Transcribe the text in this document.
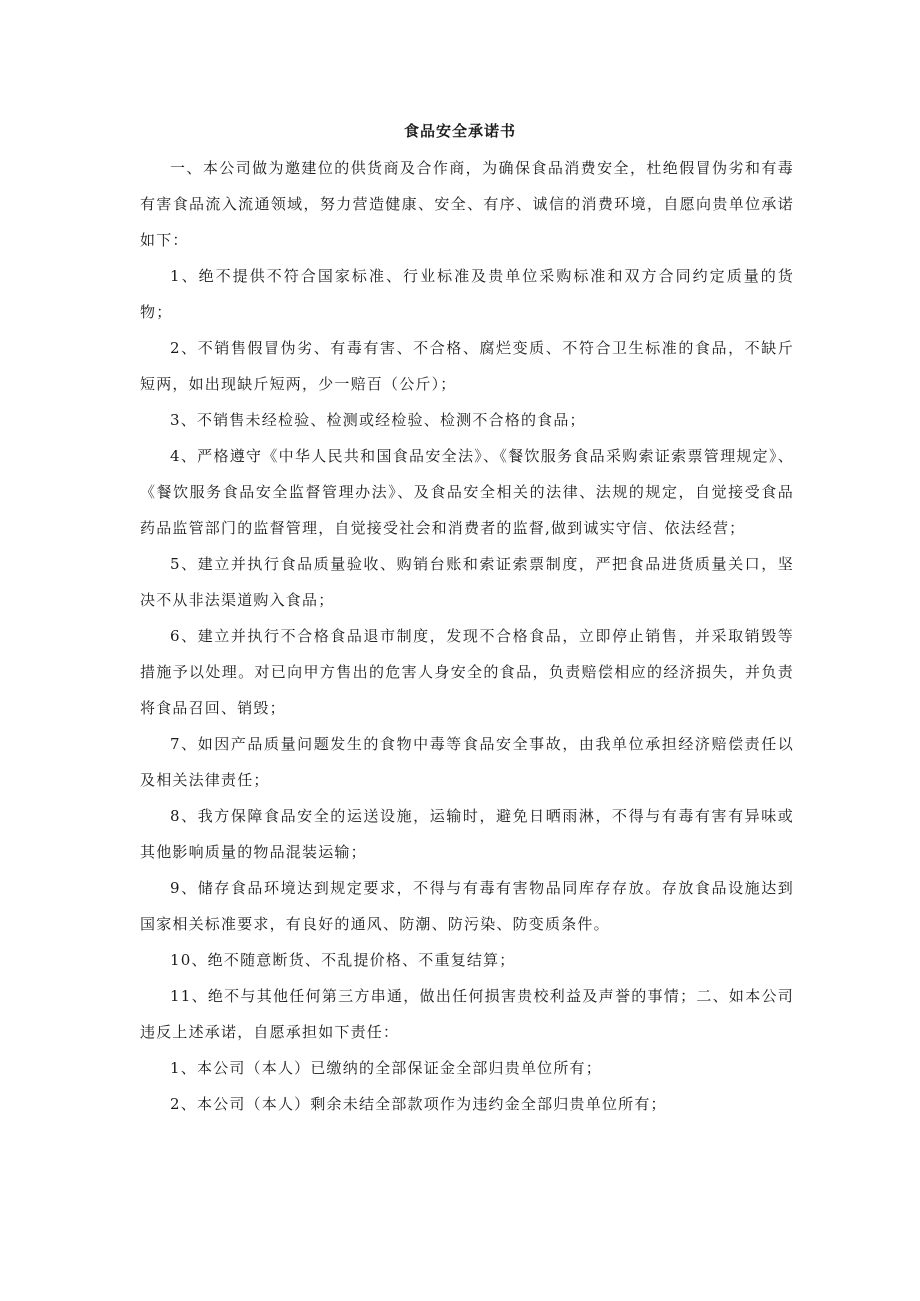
食品安全承诺书

一、本公司做为邀建位的供货商及合作商，为确保食品消费安全，杜绝假冒伪劣和有毒有害食品流入流通领域，努力营造健康、安全、有序、诚信的消费环境，自愿向贵单位承诺如下：

1、绝不提供不符合国家标准、行业标准及贵单位采购标准和双方合同约定质量的货物；

2、不销售假冒伪劣、有毒有害、不合格、腐烂变质、不符合卫生标准的食品，不缺斤短两，如出现缺斤短两，少一赔百（公斤）；

3、不销售未经检验、检测或经检验、检测不合格的食品；

4、严格遵守《中华人民共和国食品安全法》、《餐饮服务食品采购索证索票管理规定》、《餐饮服务食品安全监督管理办法》、及食品安全相关的法律、法规的规定，自觉接受食品药品监管部门的监督管理，自觉接受社会和消费者的监督,做到诚实守信、依法经营；

5、建立并执行食品质量验收、购销台账和索证索票制度，严把食品进货质量关口，坚决不从非法渠道购入食品；

6、建立并执行不合格食品退市制度，发现不合格食品，立即停止销售，并采取销毁等措施予以处理。对已向甲方售出的危害人身安全的食品，负责赔偿相应的经济损失，并负责将食品召回、销毁；

7、如因产品质量问题发生的食物中毒等食品安全事故，由我单位承担经济赔偿责任以及相关法律责任；

8、我方保障食品安全的运送设施，运输时，避免日晒雨淋，不得与有毒有害有异味或其他影响质量的物品混装运输；

9、储存食品环境达到规定要求，不得与有毒有害物品同库存存放。存放食品设施达到国家相关标准要求，有良好的通风、防潮、防污染、防变质条件。

10、绝不随意断货、不乱提价格、不重复结算；

11、绝不与其他任何第三方串通，做出任何损害贵校利益及声誉的事情；二、如本公司违反上述承诺，自愿承担如下责任：

1、本公司（本人）已缴纳的全部保证金全部归贵单位所有；

2、本公司（本人）剩余未结全部款项作为违约金全部归贵单位所有；
